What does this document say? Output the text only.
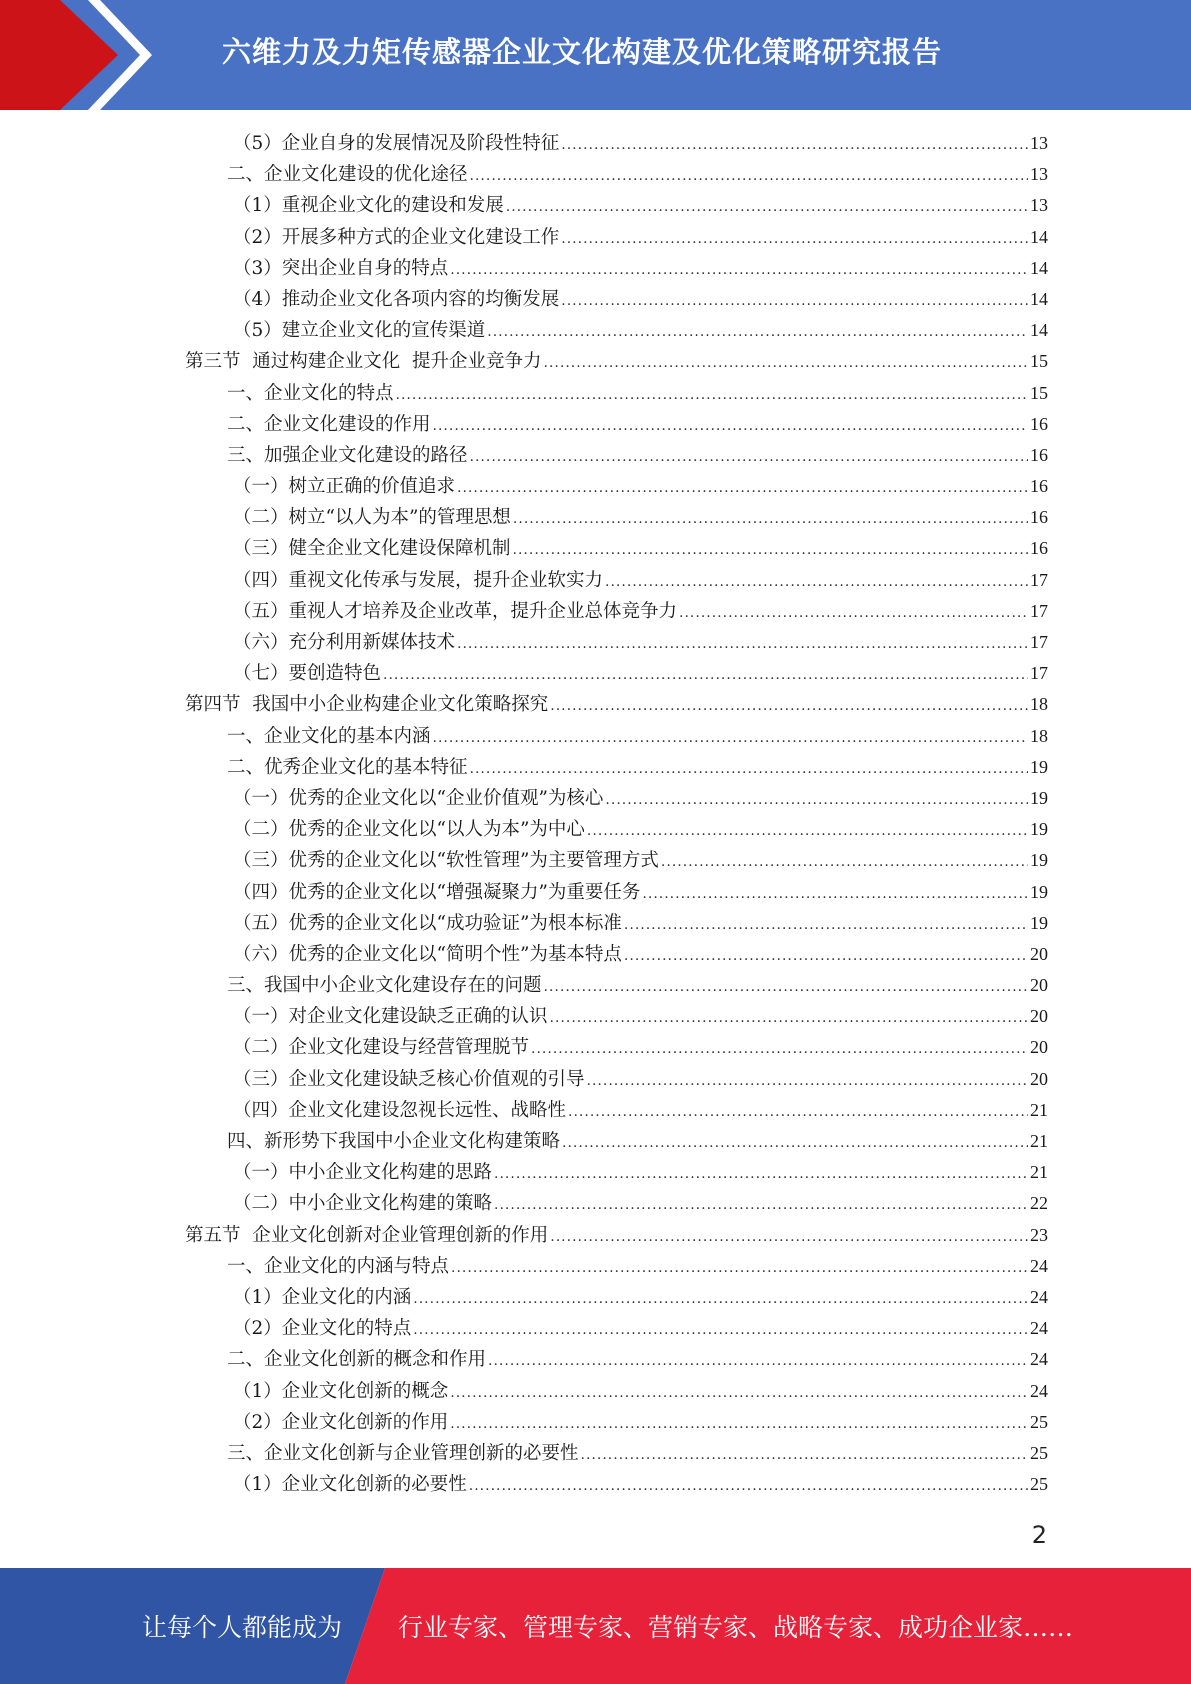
六维力及力矩传感器企业文化构建及优化策略研究报告
（5）企业自身的发展情况及阶段性特征 .....	13
二、企业文化建设的优化途径 .....	13
（1）重视企业文化的建设和发展 .....	13
（2）开展多种方式的企业文化建设工作 .....	14
（3）突出企业自身的特点 .....	14
（4）推动企业文化各项内容的均衡发展 .....	14
（5）建立企业文化的宣传渠道 .....	14
第三节  通过构建企业文化  提升企业竞争力 .....	15
一、企业文化的特点 .....	15
二、企业文化建设的作用 .....	16
三、加强企业文化建设的路径 .....	16
（一）树立正确的价值追求 .....	16
（二）树立“以人为本”的管理思想 .....	16
（三）健全企业文化建设保障机制 .....	16
（四）重视文化传承与发展，提升企业软实力 .....	17
（五）重视人才培养及企业改革，提升企业总体竞争力 .....	17
（六）充分利用新媒体技术 .....	17
（七）要创造特色 .....	17
第四节  我国中小企业构建企业文化策略探究 .....	18
一、企业文化的基本内涵 .....	18
二、优秀企业文化的基本特征 .....	19
（一）优秀的企业文化以“企业价值观”为核心 .....	19
（二）优秀的企业文化以“以人为本”为中心 .....	19
（三）优秀的企业文化以“软性管理”为主要管理方式 .....	19
（四）优秀的企业文化以“增强凝聚力”为重要任务 .....	19
（五）优秀的企业文化以“成功验证”为根本标准 .....	19
（六）优秀的企业文化以“简明个性”为基本特点 .....	20
三、我国中小企业文化建设存在的问题 .....	20
（一）对企业文化建设缺乏正确的认识 .....	20
（二）企业文化建设与经营管理脱节 .....	20
（三）企业文化建设缺乏核心价值观的引导 .....	20
（四）企业文化建设忽视长远性、战略性 .....	21
四、新形势下我国中小企业文化构建策略 .....	21
（一）中小企业文化构建的思路 .....	21
（二）中小企业文化构建的策略 .....	22
第五节  企业文化创新对企业管理创新的作用 .....	23
一、企业文化的内涵与特点 .....	24
（1）企业文化的内涵 .....	24
（2）企业文化的特点 .....	24
二、企业文化创新的概念和作用 .....	24
（1）企业文化创新的概念 .....	24
（2）企业文化创新的作用 .....	25
三、企业文化创新与企业管理创新的必要性 .....	25
（1）企业文化创新的必要性 .....	25
2
让每个人都能成为 行业专家、管理专家、营销专家、战略专家、成功企业家……
